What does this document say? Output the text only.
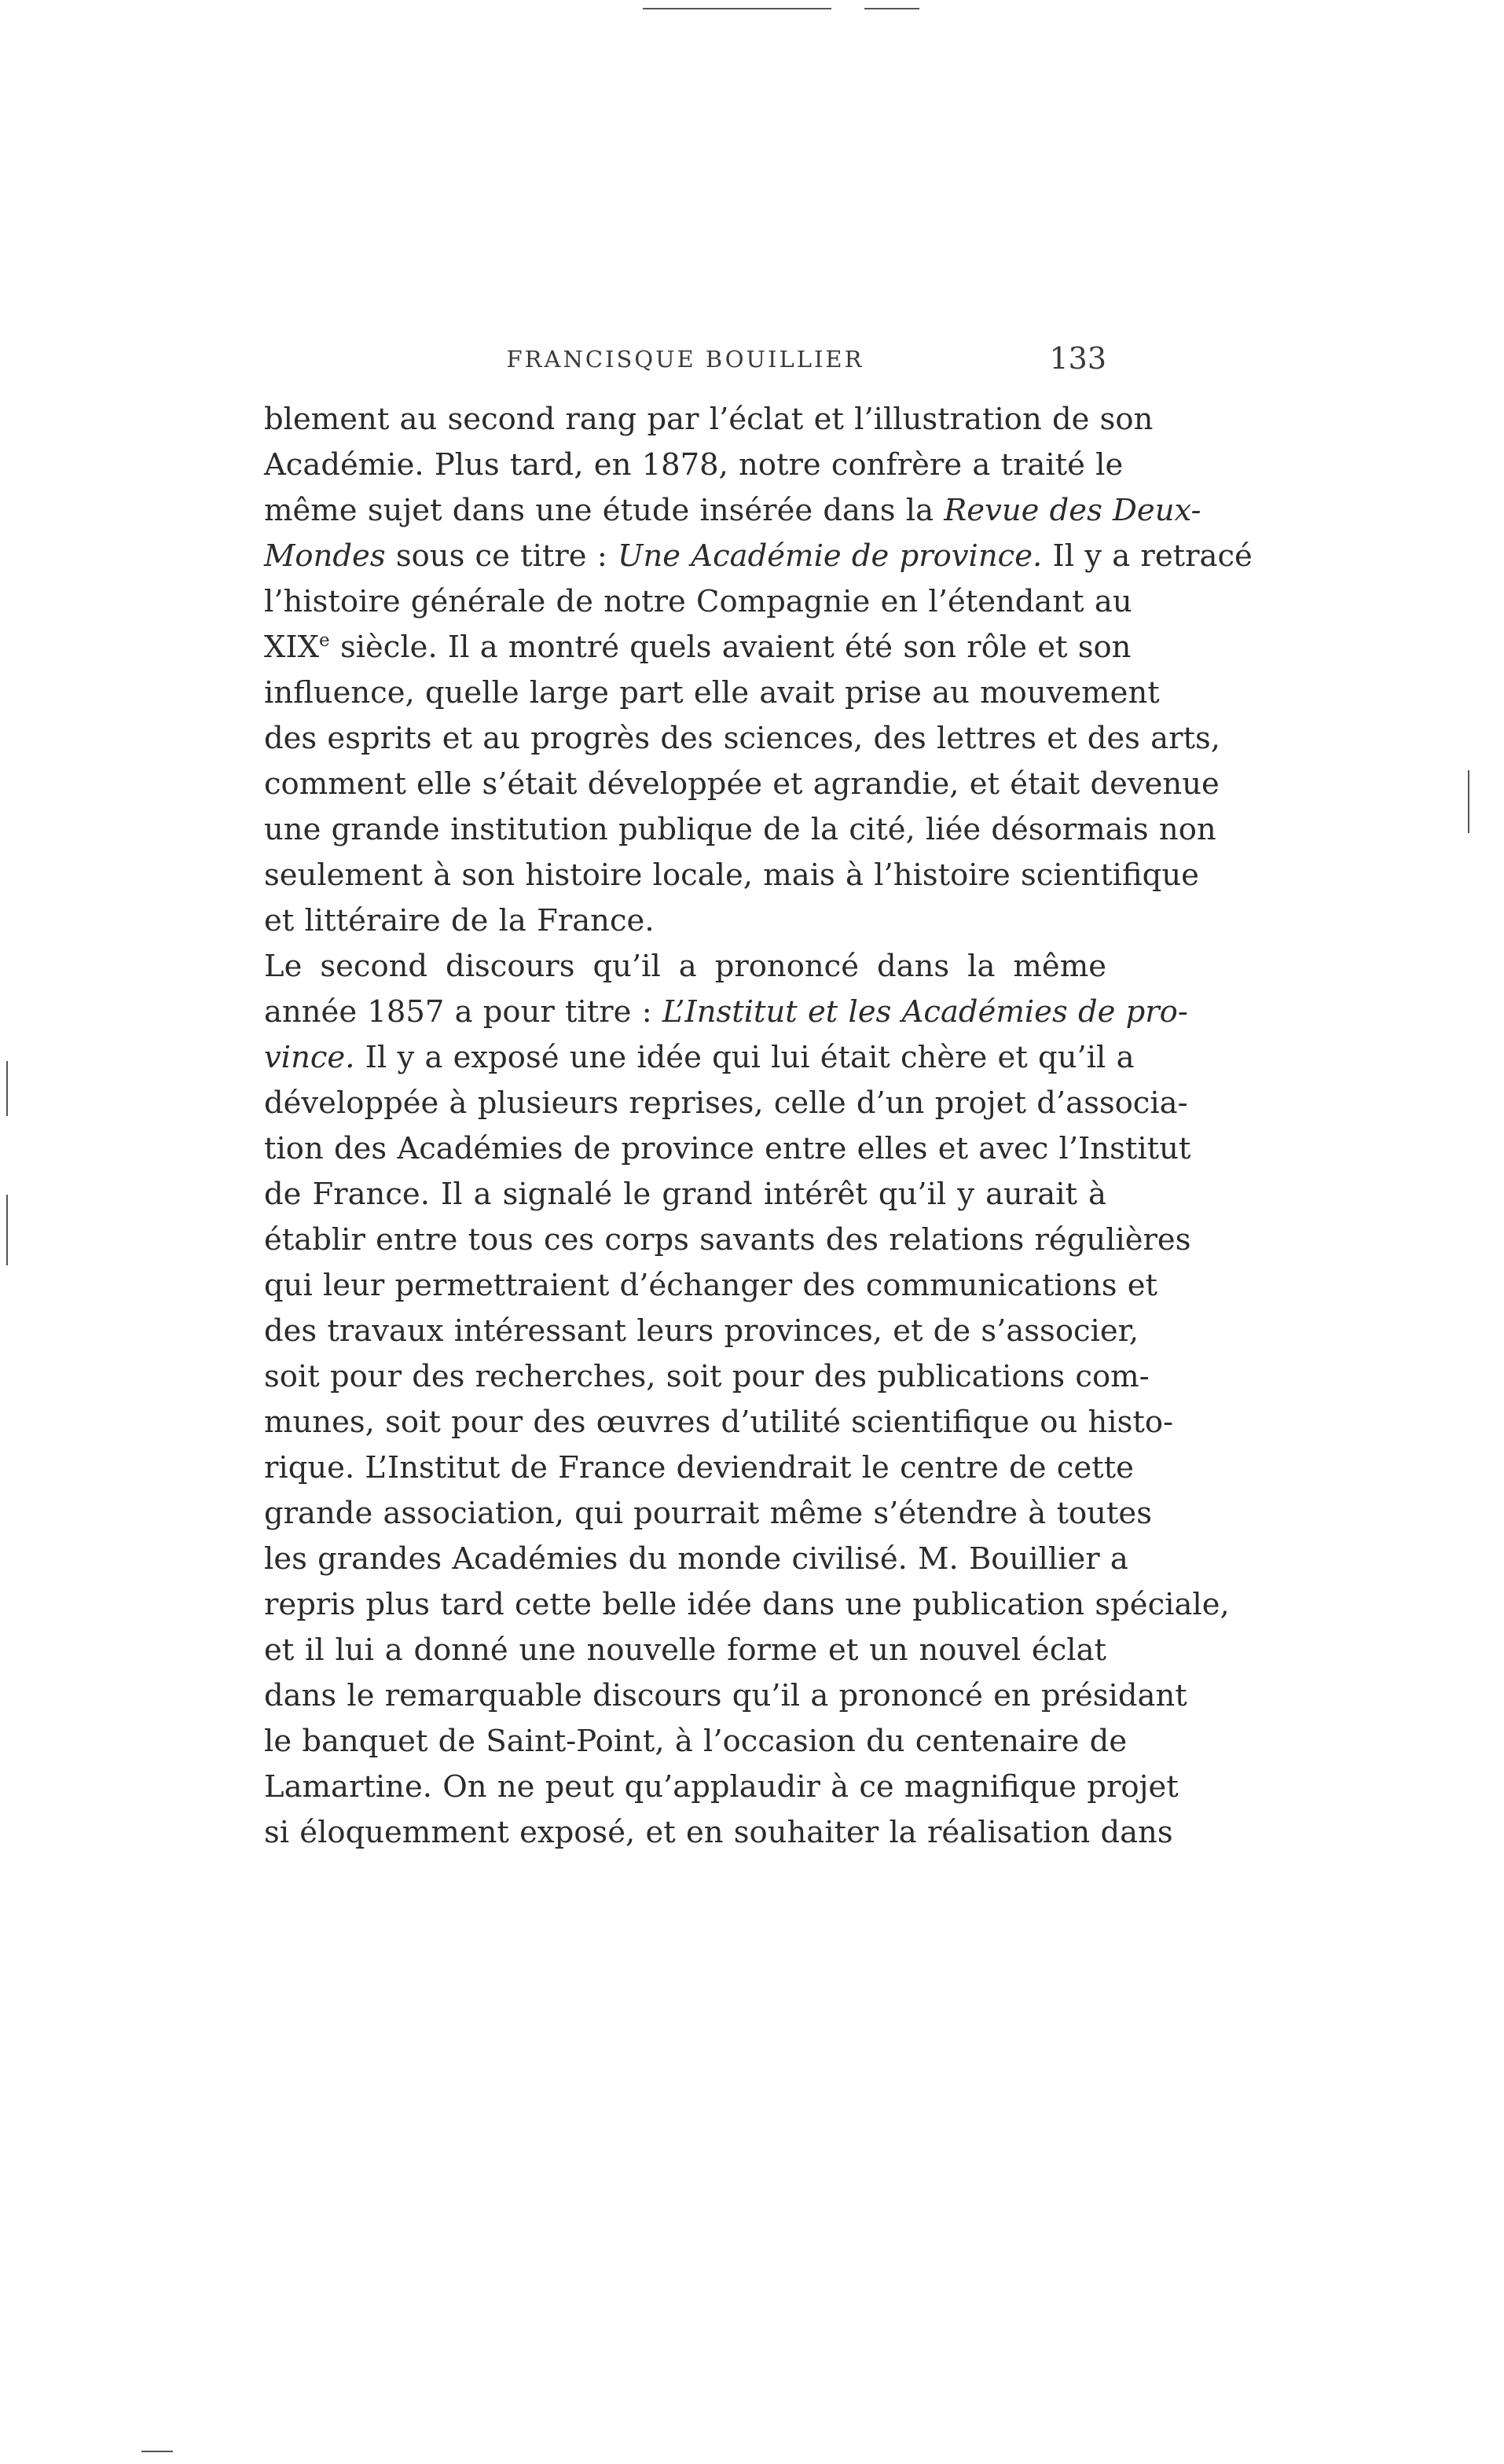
FRANCISQUE BOUILLIER	133
blement au second rang par l’éclat et l’illustration de son
Académie. Plus tard, en 1878, notre confrère a traité le
même sujet dans une étude insérée dans la Revue des Deux-
Mondes sous ce titre : Une Académie de province. Il y a retracé
l’histoire générale de notre Compagnie en l’étendant au
XIXe siècle. Il a montré quels avaient été son rôle et son
influence, quelle large part elle avait prise au mouvement
des esprits et au progrès des sciences, des lettres et des arts,
comment elle s’était développée et agrandie, et était devenue
une grande institution publique de la cité, liée désormais non
seulement à son histoire locale, mais à l’histoire scientifique
et littéraire de la France.
Le second discours qu’il a prononcé dans la même
année 1857 a pour titre : L’Institut et les Académies de pro-
vince. Il y a exposé une idée qui lui était chère et qu’il a
développée à plusieurs reprises, celle d’un projet d’associa-
tion des Académies de province entre elles et avec l’Institut
de France. Il a signalé le grand intérêt qu’il y aurait à
établir entre tous ces corps savants des relations régulières
qui leur permettraient d’échanger des communications et
des travaux intéressant leurs provinces, et de s’associer,
soit pour des recherches, soit pour des publications com-
munes, soit pour des œuvres d’utilité scientifique ou histo-
rique. L’Institut de France deviendrait le centre de cette
grande association, qui pourrait même s’étendre à toutes
les grandes Académies du monde civilisé. M. Bouillier a
repris plus tard cette belle idée dans une publication spéciale,
et il lui a donné une nouvelle forme et un nouvel éclat
dans le remarquable discours qu’il a prononcé en présidant
le banquet de Saint-Point, à l’occasion du centenaire de
Lamartine. On ne peut qu’applaudir à ce magnifique projet
si éloquemment exposé, et en souhaiter la réalisation dans
